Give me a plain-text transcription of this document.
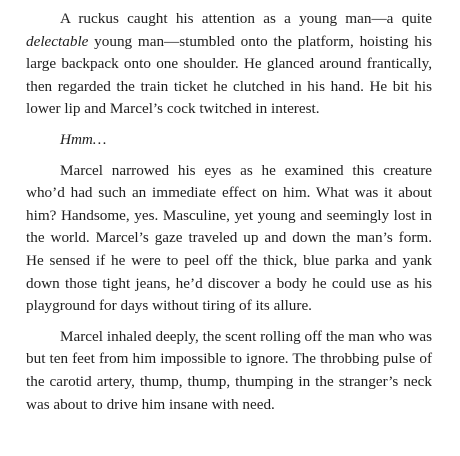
A ruckus caught his attention as a young man—a quite delectable young man—stumbled onto the platform, hoisting his large backpack onto one shoulder. He glanced around frantically, then regarded the train ticket he clutched in his hand. He bit his lower lip and Marcel’s cock twitched in interest.

Hmm…

Marcel narrowed his eyes as he examined this creature who’d had such an immediate effect on him. What was it about him? Handsome, yes. Masculine, yet young and seemingly lost in the world. Marcel’s gaze traveled up and down the man’s form. He sensed if he were to peel off the thick, blue parka and yank down those tight jeans, he’d discover a body he could use as his playground for days without tiring of its allure.

Marcel inhaled deeply, the scent rolling off the man who was but ten feet from him impossible to ignore. The throbbing pulse of the carotid artery, thump, thump, thumping in the stranger’s neck was about to drive him insane with need.
